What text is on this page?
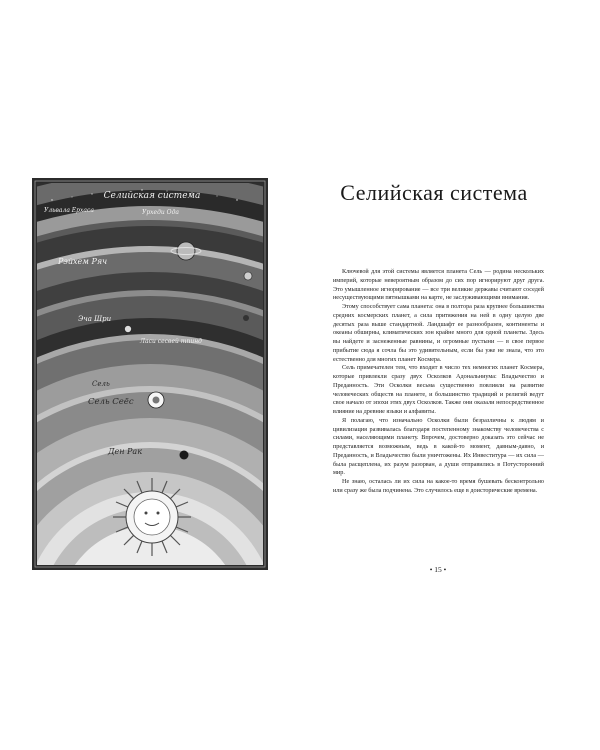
Селийская система
Ульвала Ерхаса	Урхеди Ода
Рэйхем Ряч
Эча Шри
Ласи сесвей тпинд
Сель
Сель Сеёс
Ден Рак
Селийская система

Ключевой для этой системы является планета Сель — родина нескольких империй, которые невероятным образом до сих пор игнорируют друг друга. Это умышленное игнорирование — все три великие державы считают соседей несуществующими пятнышками на карте, не заслуживающими внимания.

Этому способствует сама планета: она в полтора раза крупнее большинства средних космерских планет, а сила притяжения на ней в одну целую две десятых раза выше стандартной. Ландшафт ее разнообразен, континенты и океаны обширны, климатических зон крайне много для одной планеты. Здесь вы найдете и заснеженные равнины, и огромные пустыни — в свое первое прибытие сюда я сочла бы это удивительным, если бы уже не знала, что это естественно для многих планет Космера.

Сель примечателен тем, что входит в число тех немногих планет Космера, которые привлекли сразу двух Осколков Адональниума: Владычество и Преданность. Эти Осколки весьма существенно повлияли на развитие человеческих обществ на планете, и большинство традиций и религий ведут свое начало от эпохи этих двух Осколков. Также они оказали непосредственное влияние на древние языки и алфавиты.

Я полагаю, что изначально Осколки были безразличны к людям и цивилизация развивалась благодаря постепенному знакомству человечества с силами, населяющими планету. Впрочем, достоверно доказать это сейчас не представляется возможным, ведь в какой-то момент, давным-давно, и Преданность, и Владычество были уничтожены. Их Инвеститура — их сила — была расщеплена, их разум разорван, а души отправились в Потусторонний мир.

Не знаю, осталась ли их сила на какое-то время бушевать бесконтрольно или сразу же была подчинена. Это случилось еще в доисторические времена.

• 15 •
